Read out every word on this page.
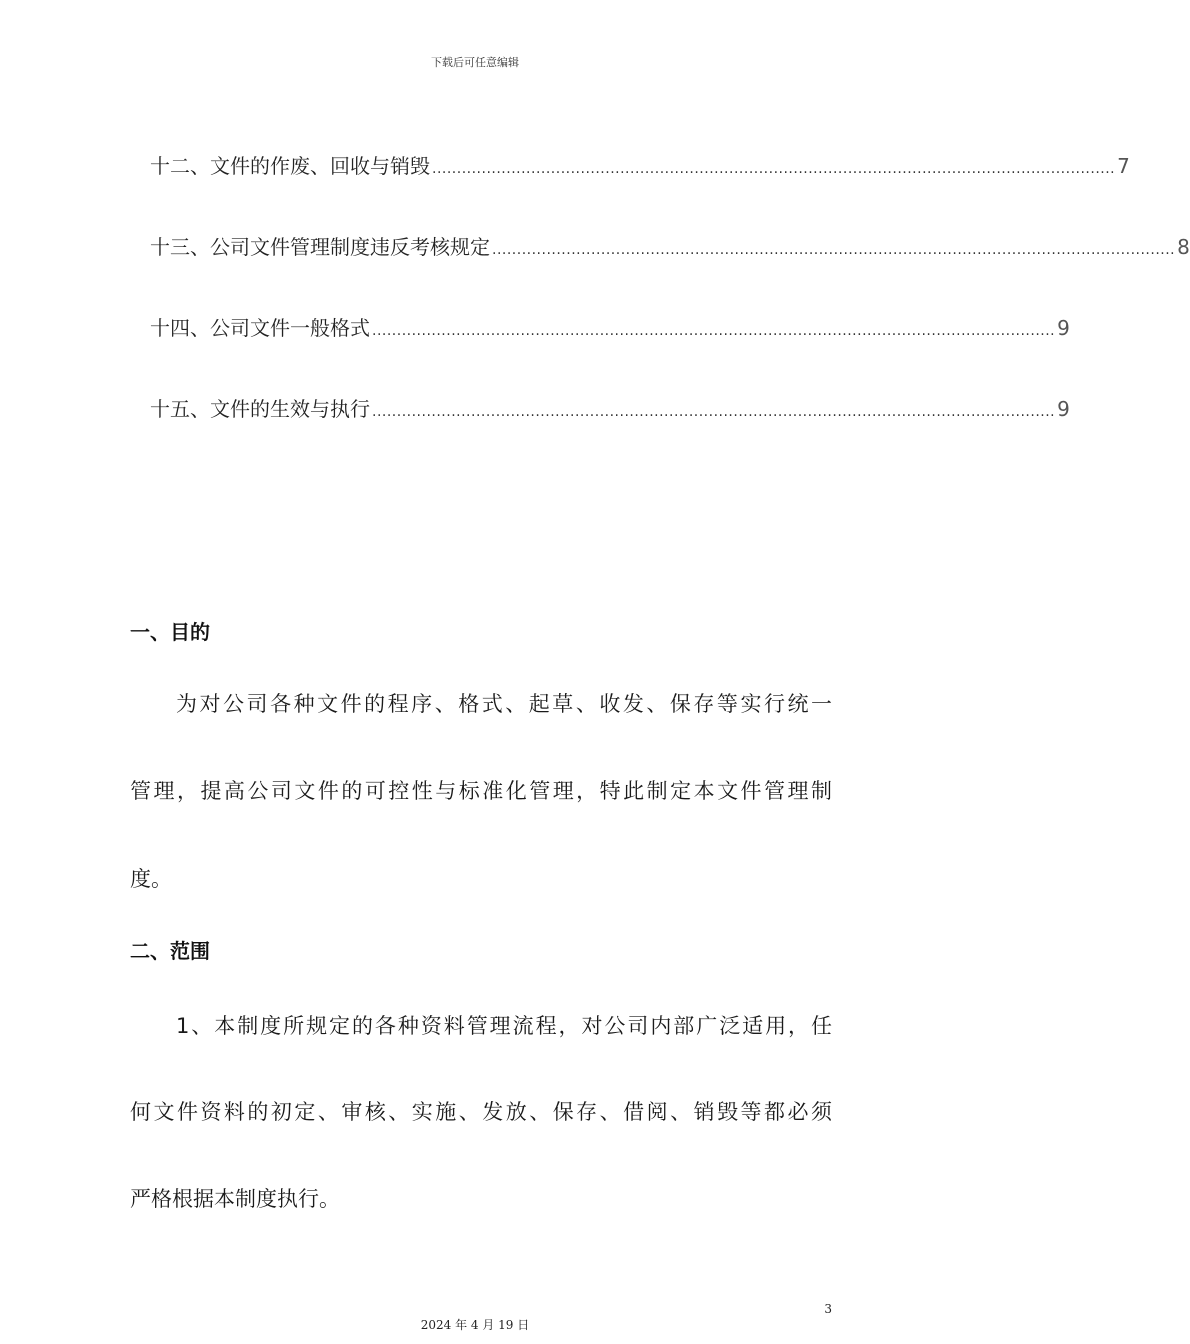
下载后可任意编辑
十二、文件的作废、回收与销毁 .......................................................................................................................................... 7
十三、公司文件管理制度违反考核规定 .......................................................................................................................................... 8
十四、公司文件一般格式 .......................................................................................................................................... 9
十五、文件的生效与执行 .......................................................................................................................................... 9
一、目的
为对公司各种文件的程序、格式、起草、收发、保存等实行统一
管理，提高公司文件的可控性与标准化管理，特此制定本文件管理制
度。
二、范围
1、本制度所规定的各种资料管理流程，对公司内部广泛适用，任
何文件资料的初定、审核、实施、发放、保存、借阅、销毁等都必须
严格根据本制度执行。
3
2024 年 4 月 19 日
